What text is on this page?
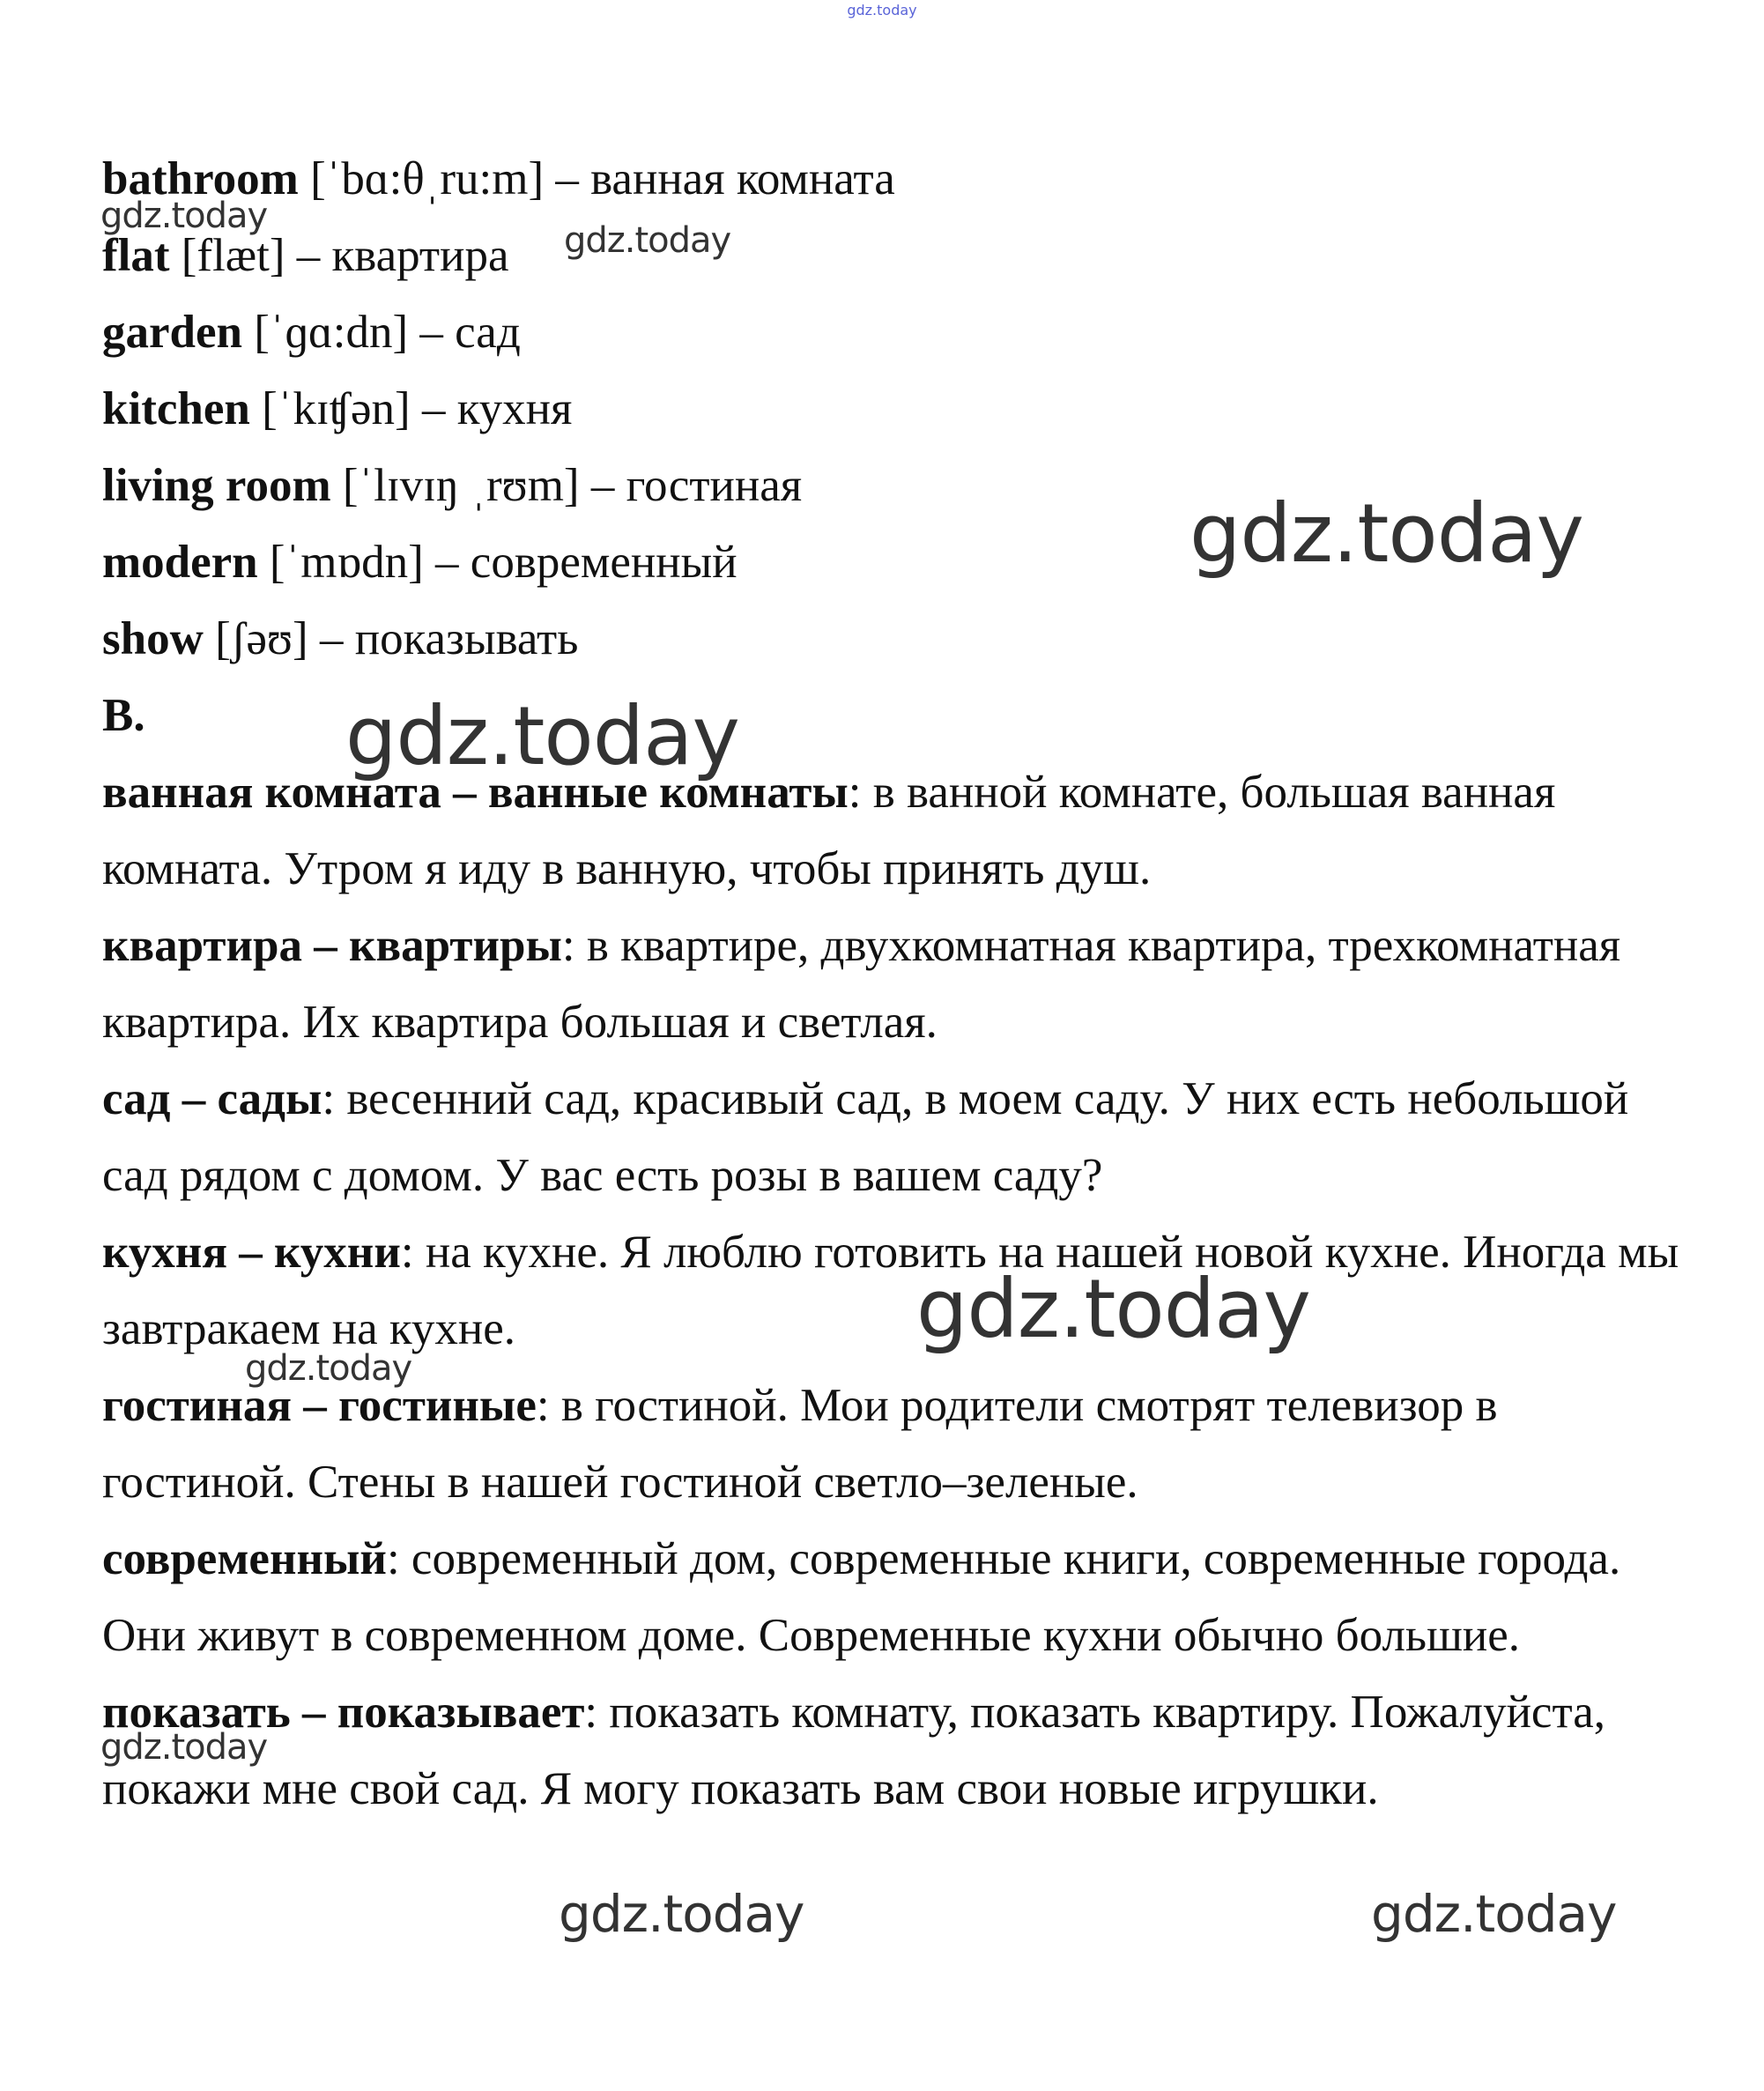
gdz.today
bathroom [ˈbɑ:θˌru:m] – ванная комната
flat [flæt] – квартира
garden [ˈɡɑ:dn] – сад
kitchen [ˈkɪʧən] – кухня
living room [ˈlɪvɪŋ ˌrʊm] – гостиная
modern [ˈmɒdn] – современный
show [ʃəʊ] – показывать
B.
ванная комната – ванные комнаты: в ванной комнате, большая ванная комната. Утром я иду в ванную, чтобы принять душ.
квартира – квартиры: в квартире, двухкомнатная квартира, трехкомнатная квартира. Их квартира большая и светлая.
сад – сады: весенний сад, красивый сад, в моем саду. У них есть небольшой сад рядом с домом. У вас есть розы в вашем саду?
кухня – кухни: на кухне. Я люблю готовить на нашей новой кухне. Иногда мы завтракаем на кухне.
гостиная – гостиные: в гостиной. Мои родители смотрят телевизор в гостиной. Стены в нашей гостиной светло–зеленые.
современный: современный дом, современные книги, современные города. Они живут в современном доме. Современные кухни обычно большие.
показать – показывает: показать комнату, показать квартиру. Пожалуйста, покажи мне свой сад. Я могу показать вам свои новые игрушки.
gdz.today
gdz.today
gdz.today
gdz.today
gdz.today
gdz.today
gdz.today
gdz.today	gdz.today
